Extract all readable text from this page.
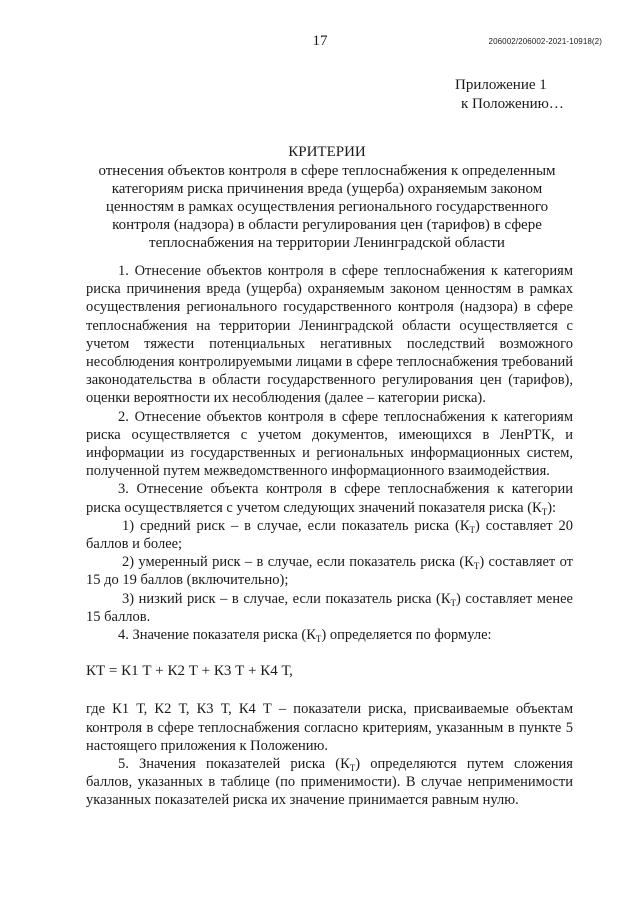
17	206002/206002-2021-10918(2)
Приложение 1
к Положению…
КРИТЕРИИ
отнесения объектов контроля в сфере теплоснабжения к определенным категориям риска причинения вреда (ущерба) охраняемым законом ценностям в рамках осуществления регионального государственного контроля (надзора) в области регулирования цен (тарифов) в сфере теплоснабжения на территории Ленинградской области

1. Отнесение объектов контроля в сфере теплоснабжения к категориям риска причинения вреда (ущерба) охраняемым законом ценностям в рамках осуществления регионального государственного контроля (надзора) в сфере теплоснабжения на территории Ленинградской области осуществляется с учетом тяжести потенциальных негативных последствий возможного несоблюдения контролируемыми лицами в сфере теплоснабжения требований законодательства в области государственного регулирования цен (тарифов), оценки вероятности их несоблюдения (далее – категории риска).

2. Отнесение объектов контроля в сфере теплоснабжения к категориям риска осуществляется с учетом документов, имеющихся в ЛенРТК, и информации из государственных и региональных информационных систем, полученной путем межведомственного информационного взаимодействия.

3. Отнесение объекта контроля в сфере теплоснабжения к категории риска осуществляется с учетом следующих значений показателя риска $(К_Т)$:

1) средний риск – в случае, если показатель риска $(К_Т)$ составляет 20 баллов и более;

2) умеренный риск – в случае, если показатель риска $(К_Т)$ составляет от 15 до 19 баллов (включительно);

3) низкий риск – в случае, если показатель риска $(К_Т)$ составляет менее 15 баллов.

4. Значение показателя риска $(К_Т)$ определяется по формуле:

КТ = К1 Т + К2 Т + К3 Т + К4 Т,

где К1 Т, К2 Т, К3 Т, К4 Т – показатели риска, присваиваемые объектам контроля в сфере теплоснабжения согласно критериям, указанным в пункте 5 настоящего приложения к Положению.

5. Значения показателей риска $(К_Т)$ определяются путем сложения баллов, указанных в таблице (по применимости). В случае неприменимости указанных показателей риска их значение принимается равным нулю.
